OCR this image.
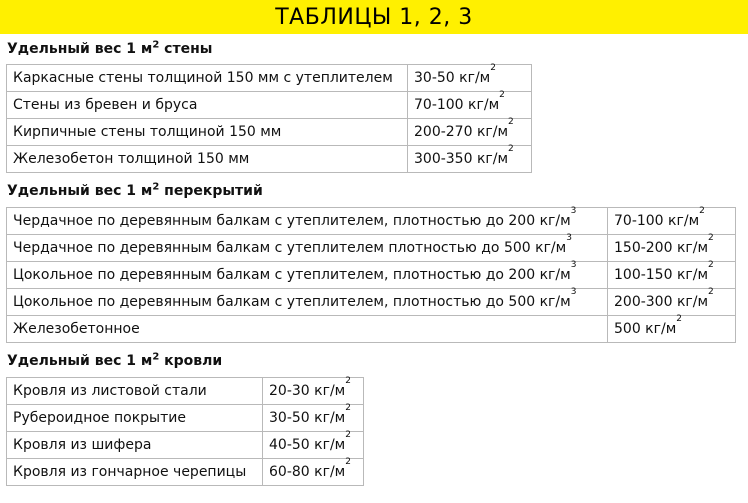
ТАБЛИЦЫ 1, 2, 3
Удельный вес 1 $м^2$ стены
Каркасные стены толщиной 150 мм с утеплителем	30-50 $кг/м^2$
Стены из бревен и бруса	70-100 $кг/м^2$
Кирпичные стены толщиной 150 мм	200-270 $кг/м^2$
Железобетон толщиной 150 мм	300-350 $кг/м^2$
Удельный вес 1 $м^2$ перекрытий
Чердачное по деревянным балкам с утеплителем, плотностью до 200 $кг/м^3$	70-100 $кг/м^2$
Чердачное по деревянным балкам с утеплителем плотностью до 500 $кг/м^3$	150-200 $кг/м^2$
Цокольное по деревянным балкам с утеплителем, плотностью до 200 $кг/м^3$	100-150 $кг/м^2$
Цокольное по деревянным балкам с утеплителем, плотностью до 500 $кг/м^3$	200-300 $кг/м^2$
Железобетонное	500 $кг/м^2$
Удельный вес 1 $м^2$ кровли
Кровля из листовой стали	20-30 $кг/м^2$
Рубероидное покрытие	30-50 $кг/м^2$
Кровля из шифера	40-50 $кг/м^2$
Кровля из гончарное черепицы	60-80 $кг/м^2$
